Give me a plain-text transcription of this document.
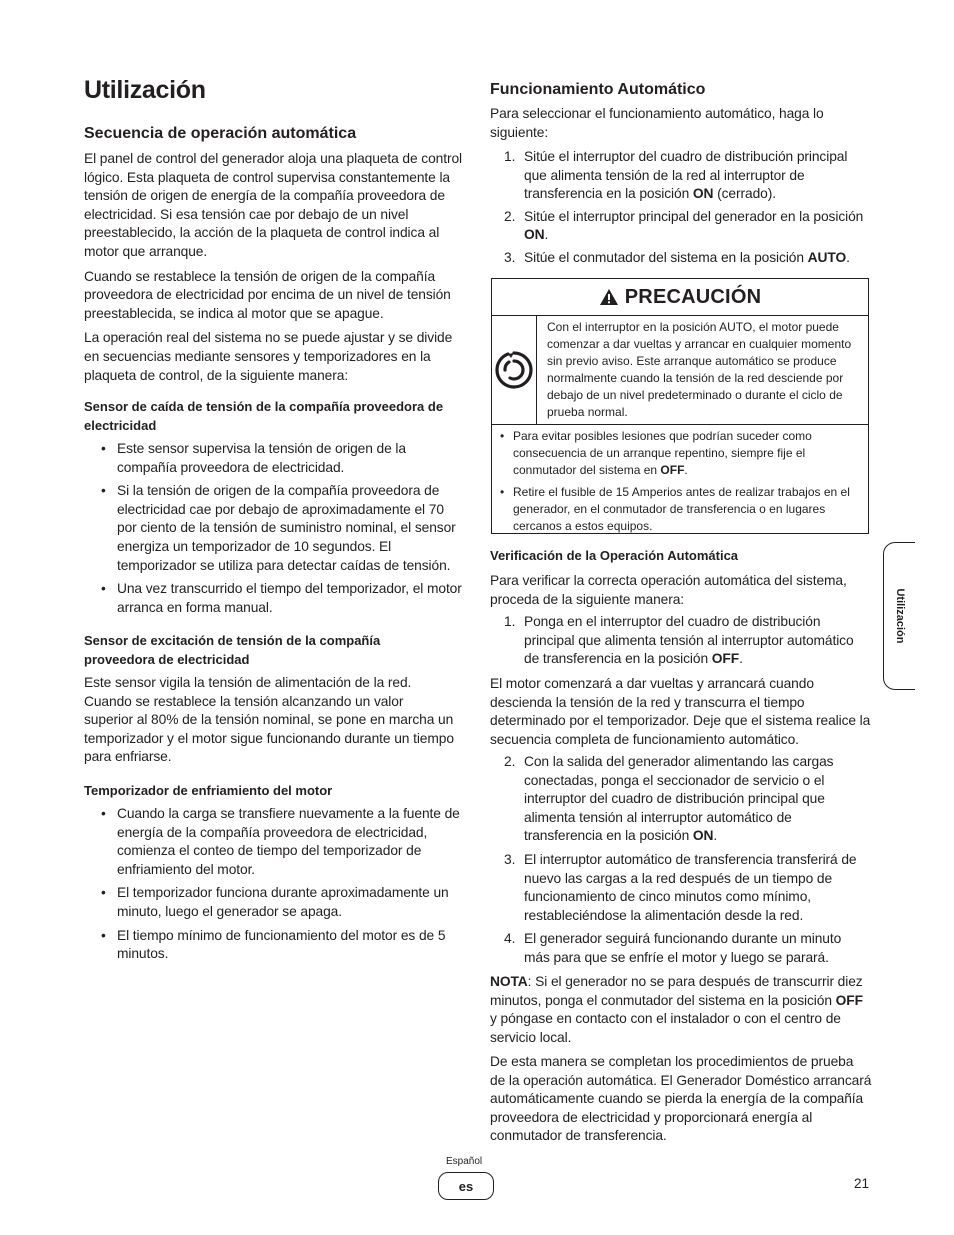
Utilización
Secuencia de operación automática

El panel de control del generador aloja una plaqueta de control lógico. Esta plaqueta de control supervisa constantemente la tensión de origen de energía de la compañía proveedora de electricidad. Si esa tensión cae por debajo de un nivel preestablecido, la acción de la plaqueta de control indica al motor que arranque.

Cuando se restablece la tensión de origen de la compañía proveedora de electricidad por encima de un nivel de tensión preestablecida, se indica al motor que se apague.

La operación real del sistema no se puede ajustar y se divide en secuencias mediante sensores y temporizadores en la plaqueta de control, de la siguiente manera:

Sensor de caída de tensión de la compañía proveedora de electricidad
• Este sensor supervisa la tensión de origen de la compañía proveedora de electricidad.
• Si la tensión de origen de la compañía proveedora de electricidad cae por debajo de aproximadamente el 70 por ciento de la tensión de suministro nominal, el sensor energiza un temporizador de 10 segundos. El temporizador se utiliza para detectar caídas de tensión.
• Una vez transcurrido el tiempo del temporizador, el motor arranca en forma manual.
Sensor de excitación de tensión de la compañía proveedora de electricidad
Este sensor vigila la tensión de alimentación de la red. Cuando se restablece la tensión alcanzando un valor superior al 80% de la tensión nominal, se pone en marcha un temporizador y el motor sigue funcionando durante un tiempo para enfriarse.
Temporizador de enfriamiento del motor
• Cuando la carga se transfiere nuevamente a la fuente de energía de la compañía proveedora de electricidad, comienza el conteo de tiempo del temporizador de enfriamiento del motor.
• El temporizador funciona durante aproximadamente un minuto, luego el generador se apaga.
• El tiempo mínimo de funcionamiento del motor es de 5 minutos.
Funcionamiento Automático
Para seleccionar el funcionamiento automático, haga lo siguiente:
1. Sitúe el interruptor del cuadro de distribución principal que alimenta tensión de la red al interruptor de transferencia en la posición ON (cerrado).
2. Sitúe el interruptor principal del generador en la posición ON.
3. Sitúe el conmutador del sistema en la posición AUTO.
PRECAUCIÓN
Con el interruptor en la posición AUTO, el motor puede comenzar a dar vueltas y arrancar en cualquier momento sin previo aviso. Este arranque automático se produce normalmente cuando la tensión de la red desciende por debajo de un nivel predeterminado o durante el ciclo de prueba normal.
• Para evitar posibles lesiones que podrían suceder como consecuencia de un arranque repentino, siempre fije el conmutador del sistema en OFF.
• Retire el fusible de 15 Amperios antes de realizar trabajos en el generador, en el conmutador de transferencia o en lugares cercanos a estos equipos.
Verificación de la Operación Automática
Para verificar la correcta operación automática del sistema, proceda de la siguiente manera:
1. Ponga en el interruptor del cuadro de distribución principal que alimenta tensión al interruptor automático de transferencia en la posición OFF.
El motor comenzará a dar vueltas y arrancará cuando descienda la tensión de la red y transcurra el tiempo determinado por el temporizador. Deje que el sistema realice la secuencia completa de funcionamiento automático.
2. Con la salida del generador alimentando las cargas conectadas, ponga el seccionador de servicio o el interruptor del cuadro de distribución principal que alimenta tensión al interruptor automático de transferencia en la posición ON.
3. El interruptor automático de transferencia transferirá de nuevo las cargas a la red después de un tiempo de funcionamiento de cinco minutos como mínimo, restableciéndose la alimentación desde la red.
4. El generador seguirá funcionando durante un minuto más para que se enfríe el motor y luego se parará.
NOTA: Si el generador no se para después de transcurrir diez minutos, ponga el conmutador del sistema en la posición OFF y póngase en contacto con el instalador o con el centro de servicio local.
De esta manera se completan los procedimientos de prueba de la operación automática. El Generador Doméstico arrancará automáticamente cuando se pierda la energía de la compañía proveedora de electricidad y proporcionará energía al conmutador de transferencia.
Utilización
Español
es	21
